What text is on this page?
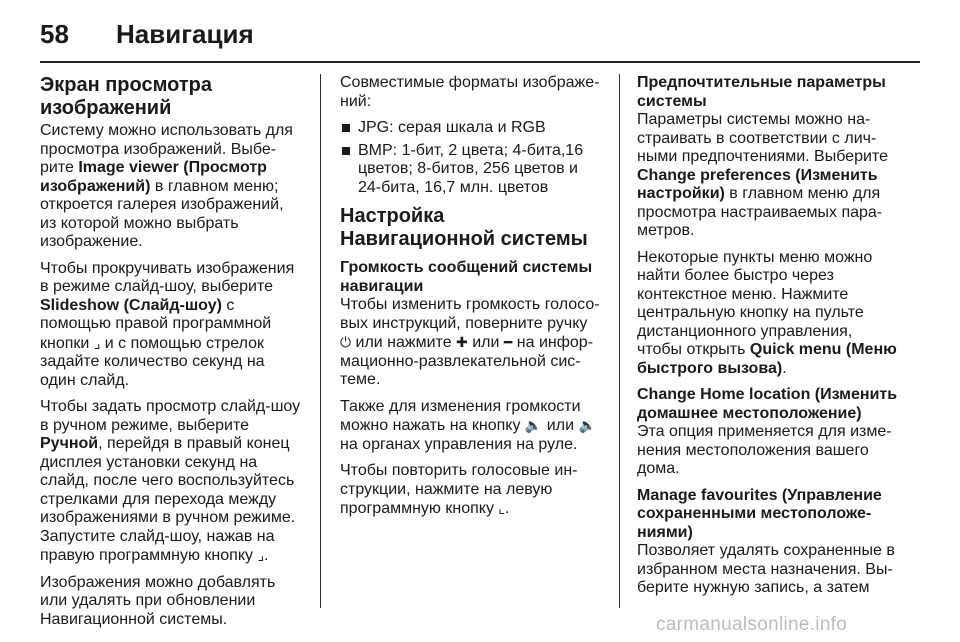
58	Навигация
Экран просмотра изображений

Систему можно использовать для просмотра изображений. Выберите Image viewer (Просмотр изображений) в главном меню; откроется галерея изображений, из которой можно выбрать изображение.

Чтобы прокручивать изображения в режиме слайд-шоу, выберите Slideshow (Слайд-шоу) с помощью правой программной кнопки ⌟ и с помощью стрелок задайте количество секунд на один слайд.

Чтобы задать просмотр слайд-шоу в ручном режиме, выберите Ручной, перейдя в правый конец дисплея установки секунд на слайд, после чего воспользуйтесь стрелками для перехода между изображениями в ручном режиме. Запустите слайд-шоу, нажав на правую программную кнопку ⌟.

Изображения можно добавлять или удалять при обновлении Навигационной системы.

Совместимые форматы изображений:

JPG: серая шкала и RGB
BMP: 1-бит, 2 цвета; 4-бита,16 цветов; 8-битов, 256 цветов и 24-бита, 16,7 млн. цветов
Настройка Навигационной системы
Громкость сообщений системы навигации

Чтобы изменить громкость голосовых инструкций, поверните ручку ⏻ или нажмите ✚ или ━ на информационно-развлекательной системе.

Также для изменения громкости можно нажать на кнопку 🔈 или 🔉 на органах управления на руле.

Чтобы повторить голосовые инструкции, нажмите на левую программную кнопку ⌞.

Предпочтительные параметры системы

Параметры системы можно настраивать в соответствии с личными предпочтениями. Выберите Change preferences (Изменить настройки) в главном меню для просмотра настраиваемых параметров.

Некоторые пункты меню можно найти более быстро через контекстное меню. Нажмите центральную кнопку на пульте дистанционного управления, чтобы открыть Quick menu (Меню быстрого вызова).

Change Home location (Изменить домашнее местоположение)

Эта опция применяется для изменения местоположения вашего дома.

Manage favourites (Управление сохраненными местоположениями)

Позволяет удалять сохраненные в избранном места назначения. Выберите нужную запись, а затем

carmanualsonline.info
